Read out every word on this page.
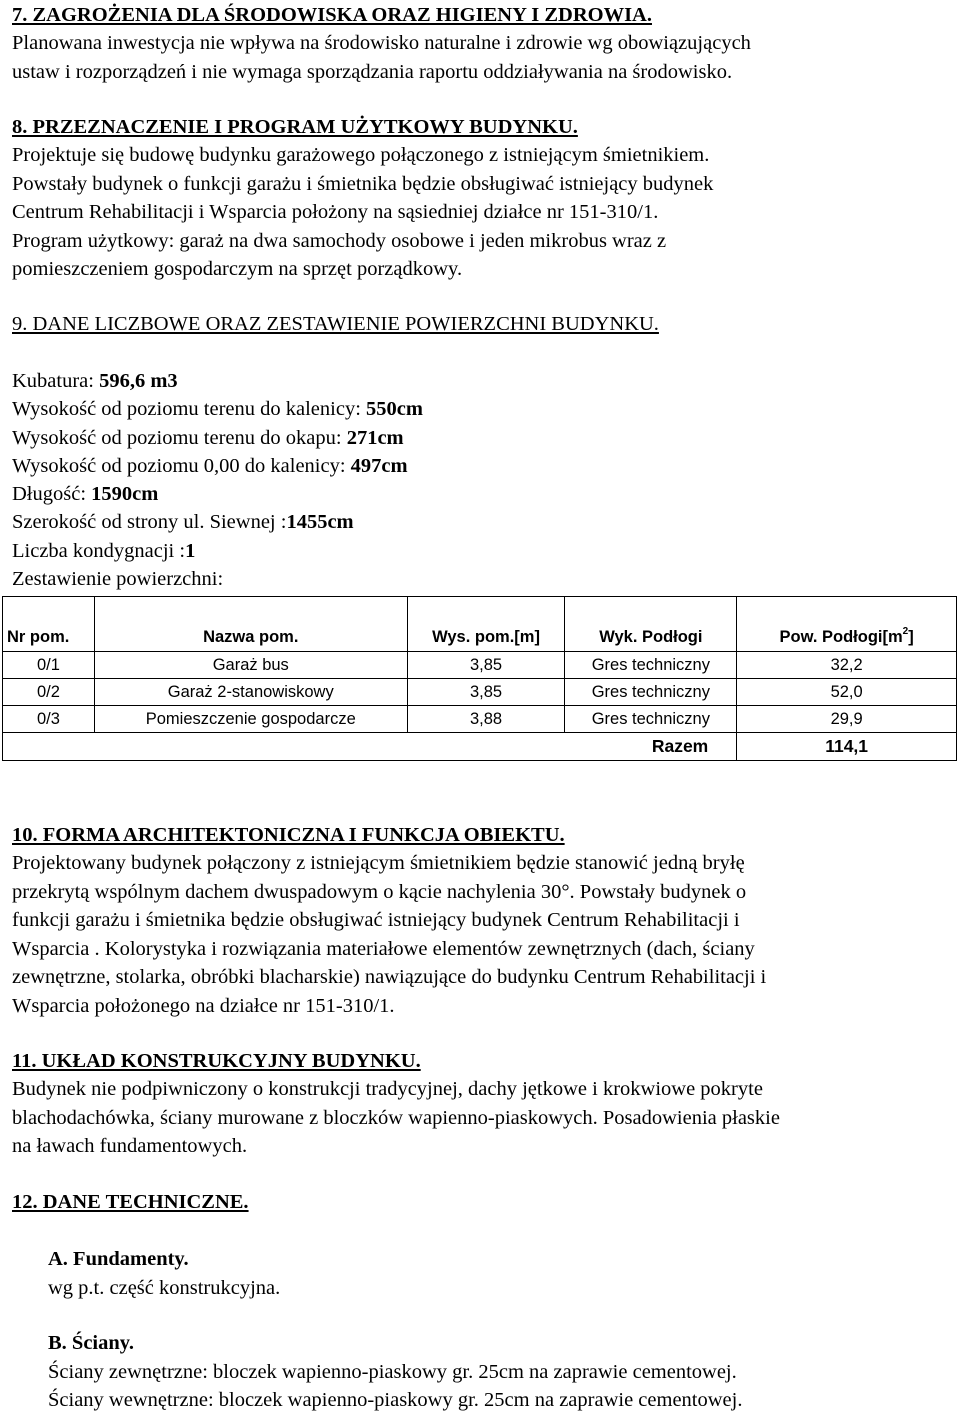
7. ZAGROŻENIA DLA ŚRODOWISKA ORAZ HIGIENY I ZDROWIA.
Planowana inwestycja nie wpływa na środowisko naturalne i zdrowie wg obowiązujących
ustaw i rozporządzeń i nie wymaga sporządzania raportu oddziaływania na środowisko.
8. PRZEZNACZENIE I PROGRAM UŻYTKOWY BUDYNKU.
Projektuje się budowę budynku garażowego połączonego z istniejącym śmietnikiem.
Powstały budynek o funkcji garażu i śmietnika będzie obsługiwać istniejący budynek
Centrum Rehabilitacji i Wsparcia położony na sąsiedniej działce nr 151-310/1.
Program użytkowy: garaż na dwa samochody osobowe i jeden mikrobus wraz z
pomieszczeniem gospodarczym na sprzęt porządkowy.
9. DANE LICZBOWE ORAZ ZESTAWIENIE POWIERZCHNI BUDYNKU.
Kubatura: 596,6 m3
Wysokość od poziomu terenu do kalenicy: 550cm
Wysokość od poziomu terenu do okapu: 271cm
Wysokość od poziomu 0,00 do kalenicy: 497cm
Długość: 1590cm
Szerokość od strony ul. Siewnej :1455cm
Liczba kondygnacji :1
Zestawienie powierzchni:
Nr pom.	Nazwa pom.	Wys. pom.[m]	Wyk. Podłogi	Pow. $Podłogi[m^2]$
0/1	Garaż bus	3,85	Gres techniczny	32,2
0/2	Garaż 2-stanowiskowy	3,85	Gres techniczny	52,0
0/3	Pomieszczenie gospodarcze	3,88	Gres techniczny	29,9
			Razem	114,1
10. FORMA ARCHITEKTONICZNA I FUNKCJA OBIEKTU.
Projektowany budynek połączony z istniejącym śmietnikiem będzie stanowić jedną bryłę
przekrytą wspólnym dachem dwuspadowym o kącie nachylenia 30°. Powstały budynek o
funkcji garażu i śmietnika będzie obsługiwać istniejący budynek Centrum Rehabilitacji i
Wsparcia . Kolorystyka i rozwiązania materiałowe elementów zewnętrznych (dach, ściany
zewnętrzne, stolarka, obróbki blacharskie) nawiązujące do budynku Centrum Rehabilitacji i
Wsparcia położonego na działce nr 151-310/1.
11. UKŁAD KONSTRUKCYJNY BUDYNKU.
Budynek nie podpiwniczony o konstrukcji tradycyjnej, dachy jętkowe i krokwiowe pokryte
blachodachówka, ściany murowane z bloczków wapienno-piaskowych. Posadowienia płaskie
na ławach fundamentowych.
12. DANE TECHNICZNE.
A. Fundamenty.
wg p.t. część konstrukcyjna.
B. Ściany.
Ściany zewnętrzne: bloczek wapienno-piaskowy gr. 25cm na zaprawie cementowej.
Ściany wewnętrzne: bloczek wapienno-piaskowy gr. 25cm na zaprawie cementowej.
